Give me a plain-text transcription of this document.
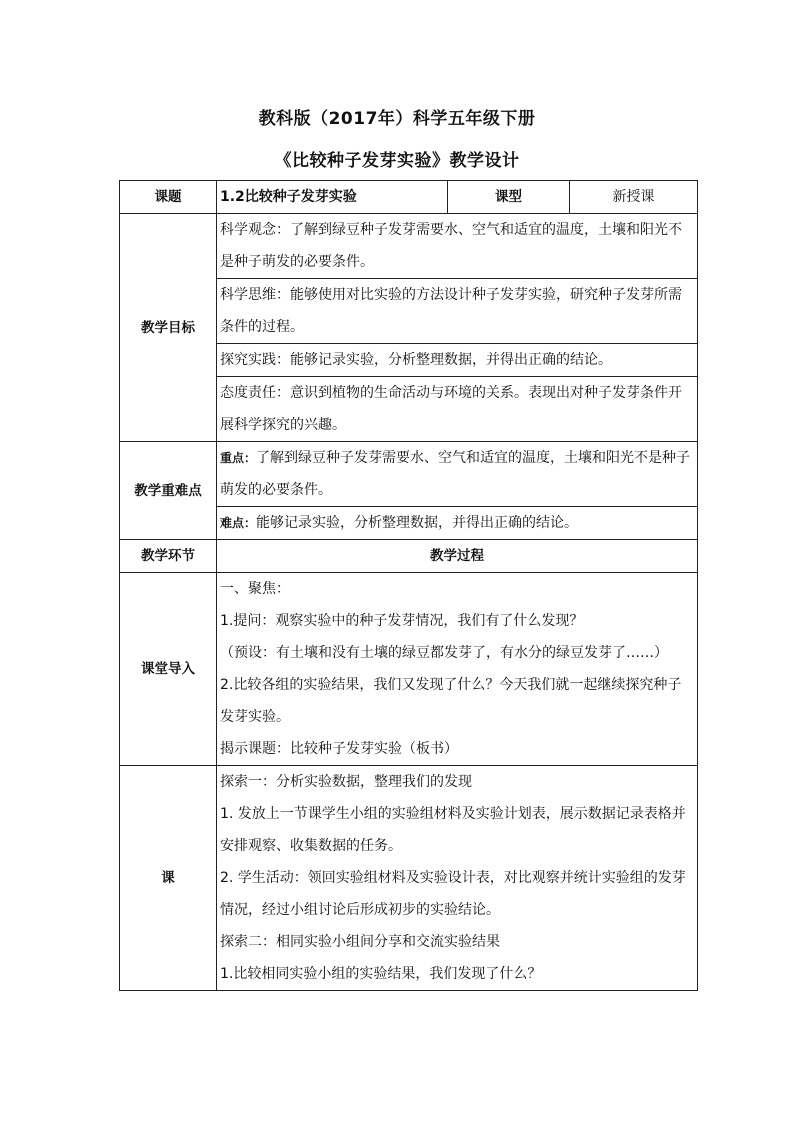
教科版（2017年）科学五年级下册
《比较种子发芽实验》教学设计
课题	1.2比较种子发芽实验	课型	新授课
教学目标	科学观念：了解到绿豆种子发芽需要水、空气和适宜的温度，土壤和阳光不是种子萌发的必要条件。		
	科学思维：能够使用对比实验的方法设计种子发芽实验，研究种子发芽所需条件的过程。		
	探究实践：能够记录实验，分析整理数据，并得出正确的结论。		
	态度责任：意识到植物的生命活动与环境的关系。表现出对种子发芽条件开展科学探究的兴趣。		
教学重难点	重点：了解到绿豆种子发芽需要水、空气和适宜的温度，土壤和阳光不是种子萌发的必要条件。		
	难点：能够记录实验，分析整理数据，并得出正确的结论。		
教学环节	教学过程		
课堂导入	一、聚焦：
1.提问：观察实验中的种子发芽情况，我们有了什么发现？
（预设：有土壤和没有土壤的绿豆都发芽了，有水分的绿豆发芽了……）
2.比较各组的实验结果，我们又发现了什么？今天我们就一起继续探究种子发芽实验。
揭示课题：比较种子发芽实验（板书）		

课	探索一：分析实验数据，整理我们的发现
1. 发放上一节课学生小组的实验组材料及实验计划表，展示数据记录表格并安排观察、收集数据的任务。
2. 学生活动：领回实验组材料及实验设计表，对比观察并统计实验组的发芽情况，经过小组讨论后形成初步的实验结论。
探索二：相同实验小组间分享和交流实验结果
1.比较相同实验小组的实验结果，我们发现了什么？		
